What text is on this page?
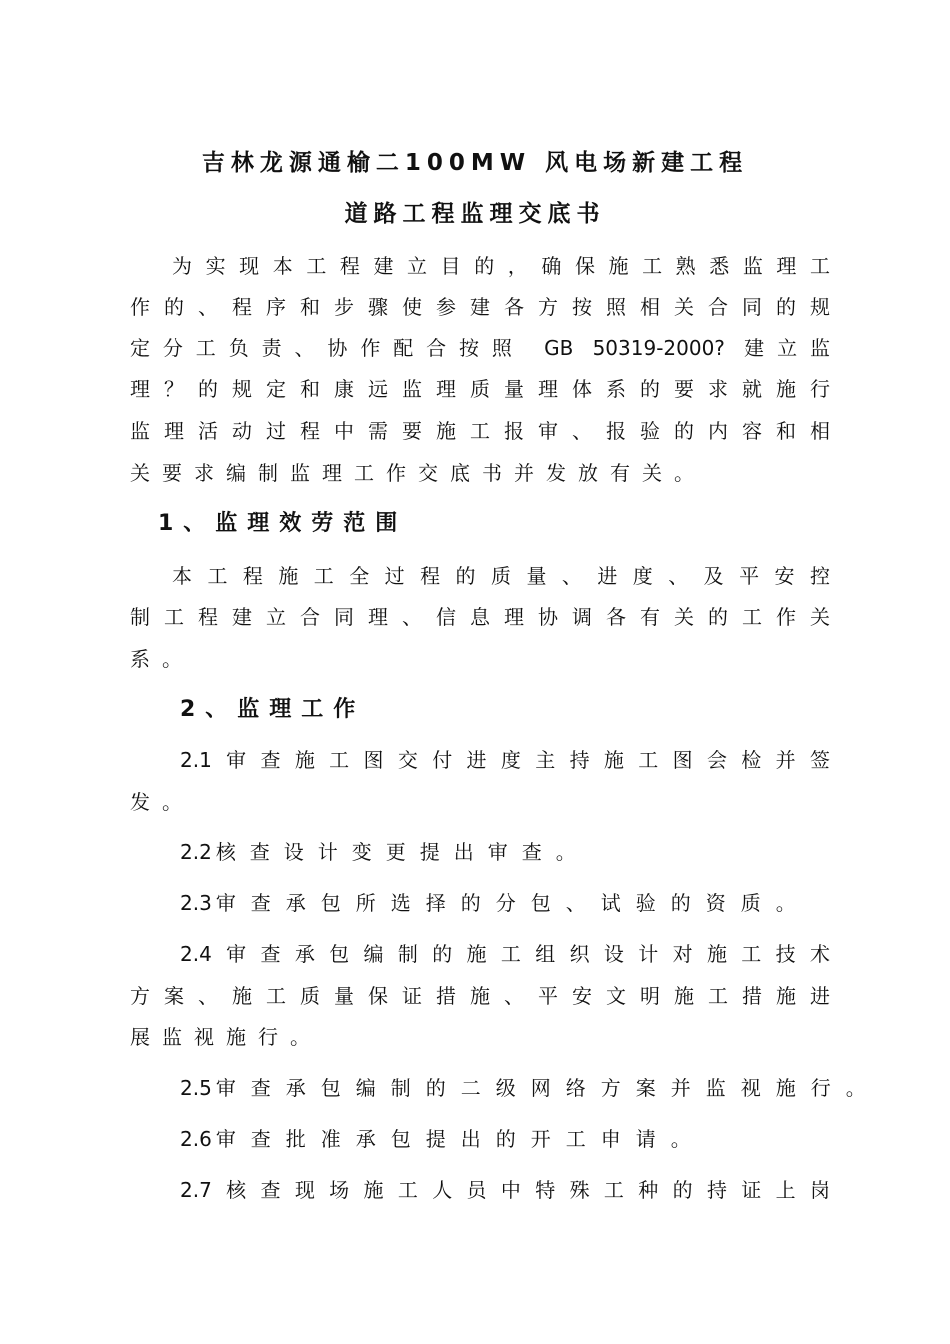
吉林龙源通榆二100MW 风电场新建工程
道路工程监理交底书
为实现本工程建立目的，确保施工熟悉监理工
作的、程序和步骤使参建各方按照相关合同的规
定分工负责、协作配合按照 GB 50319-2000? 建立监
理？的规定和康远监理质量理体系的要求就施行
监理活动过程中需要施工报审、报验的内容和相
关要求编制监理工作交底书并发放有关。
1、监理效劳范围
本工程施工全过程的质量、进度、及平安控
制工程建立合同理、信息理协调各有关的工作关
系。
2、监理工作
2.1审查施工图交付进度主持施工图会检并签
发。
2.2 核查设计变更提出审查。
2.3 审查承包所选择的分包、试验的资质。
2.4审查承包编制的施工组织设计对施工技术
方案、施工质量保证措施、平安文明施工措施进
展监视施行。
2.5 审查承包编制的二级网络方案并监视施行。
2.6 审查批准承包提出的开工申请。
2.7核查现场施工人员中特殊工种的持证上岗
